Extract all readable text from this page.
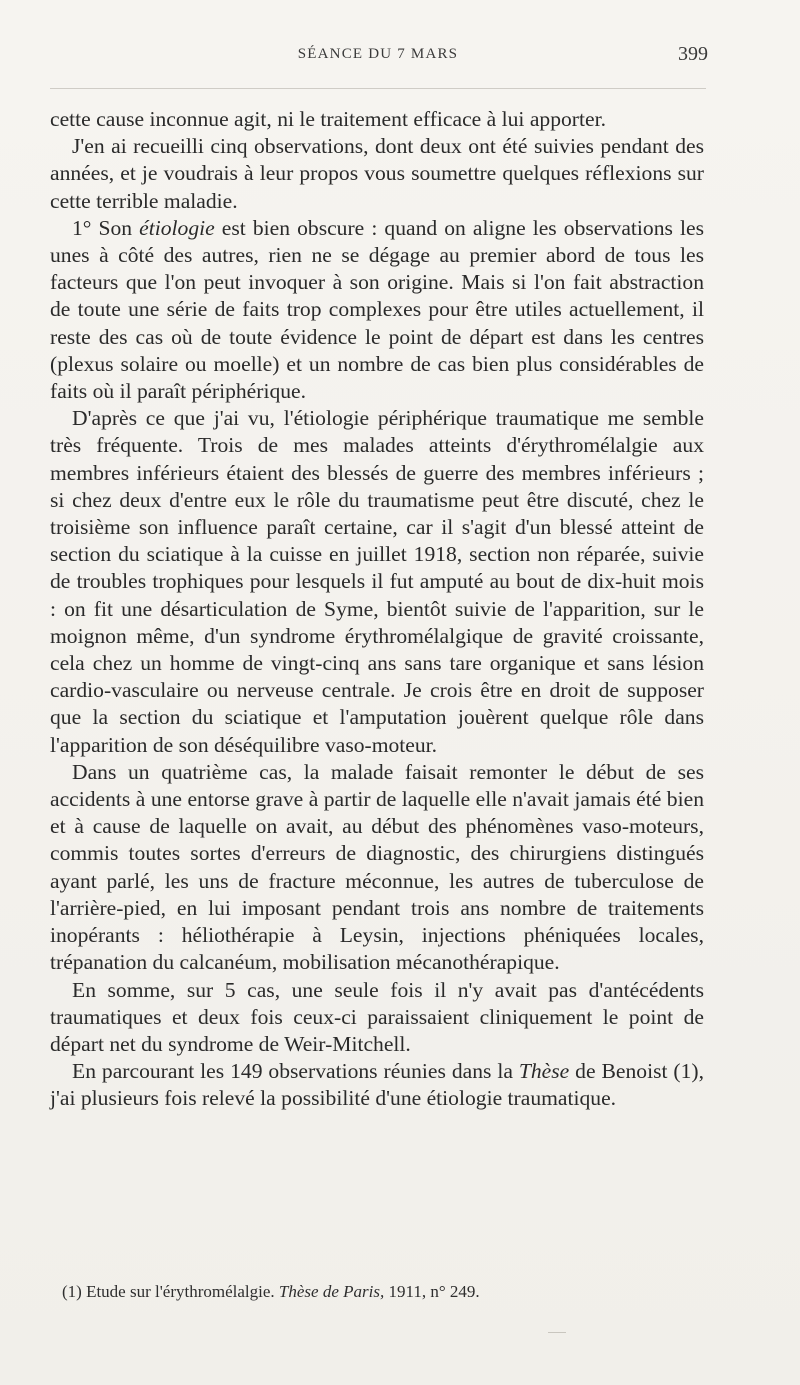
SÉANCE DU 7 MARS	399

cette cause inconnue agit, ni le traitement efficace à lui apporter.

J'en ai recueilli cinq observations, dont deux ont été suivies pendant des années, et je voudrais à leur propos vous soumettre quelques réflexions sur cette terrible maladie.

1° Son étiologie est bien obscure : quand on aligne les observations les unes à côté des autres, rien ne se dégage au premier abord de tous les facteurs que l'on peut invoquer à son origine. Mais si l'on fait abstraction de toute une série de faits trop complexes pour être utiles actuellement, il reste des cas où de toute évidence le point de départ est dans les centres (plexus solaire ou moelle) et un nombre de cas bien plus considérables de faits où il paraît périphérique.

D'après ce que j'ai vu, l'étiologie périphérique traumatique me semble très fréquente. Trois de mes malades atteints d'érythromélalgie aux membres inférieurs étaient des blessés de guerre des membres inférieurs ; si chez deux d'entre eux le rôle du traumatisme peut être discuté, chez le troisième son influence paraît certaine, car il s'agit d'un blessé atteint de section du sciatique à la cuisse en juillet 1918, section non réparée, suivie de troubles trophiques pour lesquels il fut amputé au bout de dix-huit mois : on fit une désarticulation de Syme, bientôt suivie de l'apparition, sur le moignon même, d'un syndrome érythromélalgique de gravité croissante, cela chez un homme de vingt-cinq ans sans tare organique et sans lésion cardio-vasculaire ou nerveuse centrale. Je crois être en droit de supposer que la section du sciatique et l'amputation jouèrent quelque rôle dans l'apparition de son déséquilibre vaso-moteur.

Dans un quatrième cas, la malade faisait remonter le début de ses accidents à une entorse grave à partir de laquelle elle n'avait jamais été bien et à cause de laquelle on avait, au début des phénomènes vaso-moteurs, commis toutes sortes d'erreurs de diagnostic, des chirurgiens distingués ayant parlé, les uns de fracture méconnue, les autres de tuberculose de l'arrière-pied, en lui imposant pendant trois ans nombre de traitements inopérants : héliothérapie à Leysin, injections phéniquées locales, trépanation du calcanéum, mobilisation mécanothérapique.

En somme, sur 5 cas, une seule fois il n'y avait pas d'antécédents traumatiques et deux fois ceux-ci paraissaient cliniquement le point de départ net du syndrome de Weir-Mitchell.

En parcourant les 149 observations réunies dans la Thèse de Benoist (1), j'ai plusieurs fois relevé la possibilité d'une étiologie traumatique.

(1) Etude sur l'érythromélalgie. Thèse de Paris, 1911, n° 249.
